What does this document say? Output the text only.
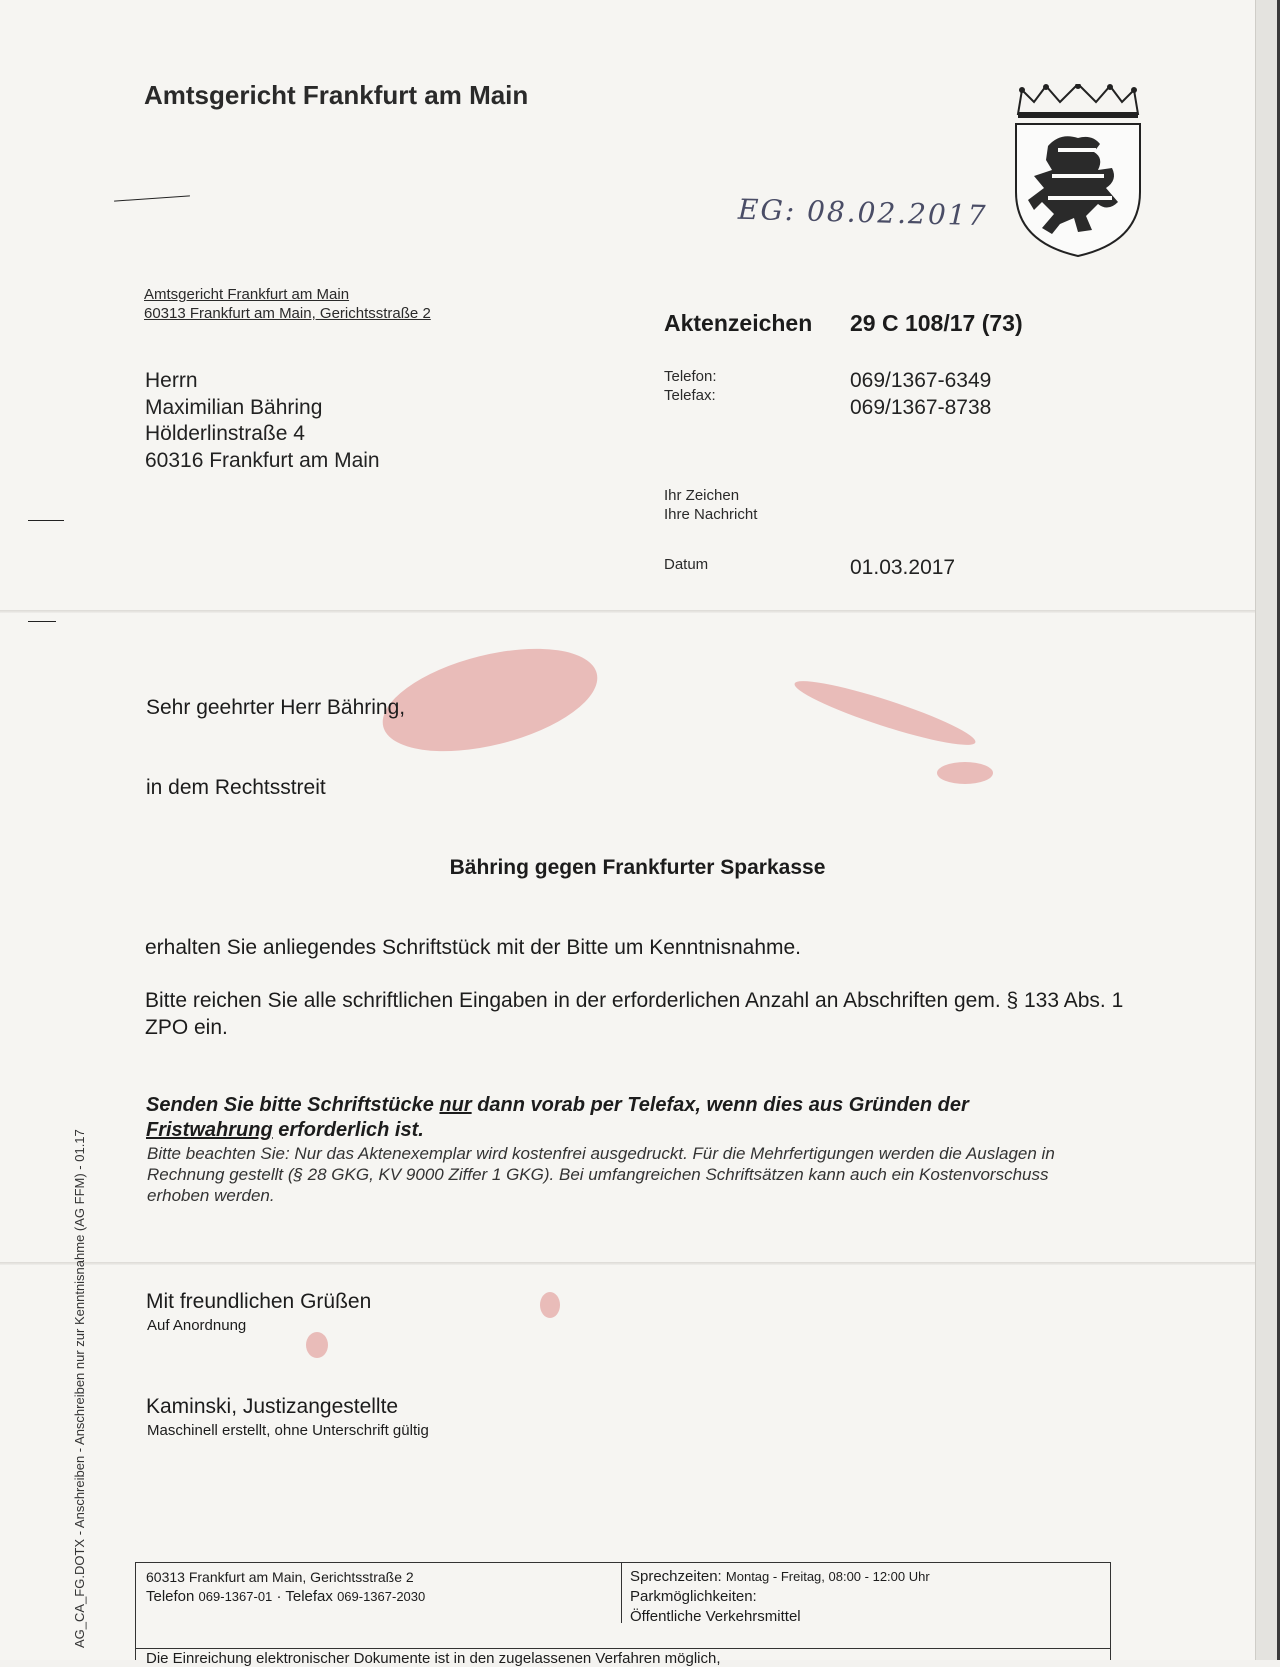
Amtsgericht Frankfurt am Main
EG: 08.02.2017
Amtsgericht Frankfurt am Main
60313 Frankfurt am Main, Gerichtsstraße 2
Herrn
Maximilian Bähring
Hölderlinstraße 4
60316 Frankfurt am Main
Aktenzeichen 29 C 108/17 (73)
Telefon:
Telefax:
069/1367-6349
069/1367-8738
Ihr Zeichen
Ihre Nachricht
Datum	01.03.2017
Sehr geehrter Herr Bähring,
in dem Rechtsstreit
Bähring gegen Frankfurter Sparkasse
erhalten Sie anliegendes Schriftstück mit der Bitte um Kenntnisnahme.
Bitte reichen Sie alle schriftlichen Eingaben in der erforderlichen Anzahl an Abschriften gem. § 133 Abs. 1 ZPO ein.
Senden Sie bitte Schriftstücke nur dann vorab per Telefax, wenn dies aus Gründen der Fristwahrung erforderlich ist.
Bitte beachten Sie: Nur das Aktenexemplar wird kostenfrei ausgedruckt. Für die Mehrfertigungen werden die Auslagen in Rechnung gestellt (§ 28 GKG, KV 9000 Ziffer 1 GKG). Bei umfangreichen Schriftsätzen kann auch ein Kostenvorschuss erhoben werden.
Mit freundlichen Grüßen
Auf Anordnung
Kaminski, Justizangestellte
Maschinell erstellt, ohne Unterschrift gültig
AG_CA_FG.DOTX - Anschreiben - Anschreiben nur zur Kenntnisnahme (AG FFM) - 01.17	60313 Frankfurt am Main, Gerichtsstraße 2
Telefon 069-1367-01 · Telefax 069-1367-2030
Sprechzeiten: Montag - Freitag, 08:00 - 12:00 Uhr
Parkmöglichkeiten:
Öffentliche Verkehrsmittel
Die Einreichung elektronischer Dokumente ist in den zugelassenen Verfahren möglich,
